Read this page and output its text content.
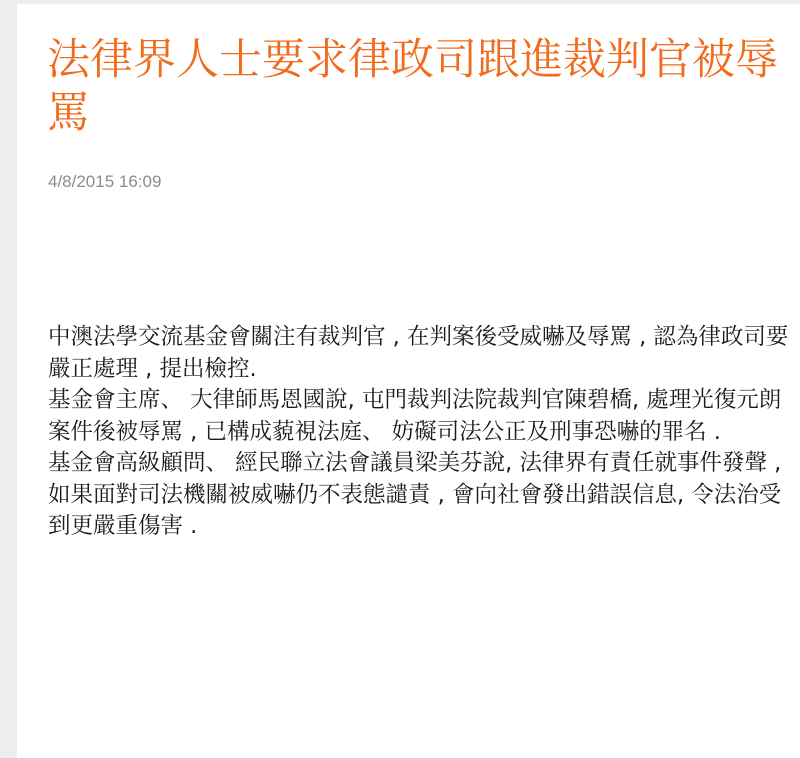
法律界人士要求律政司跟進裁判官被辱罵
4/8/2015 16:09

中澳法學交流基金會關注有裁判官 , 在判案後受威嚇及辱罵 , 認為律政司要嚴正處理 , 提出檢控.

基金會主席、 大律師馬恩國說, 屯門裁判法院裁判官陳碧橋, 處理光復元朗案件後被辱罵 , 已構成藐視法庭、 妨礙司法公正及刑事恐嚇的罪名 .

基金會高級顧問、 經民聯立法會議員梁美芬說, 法律界有責任就事件發聲 , 如果面對司法機關被威嚇仍不表態譴責 , 會向社會發出錯誤信息, 令法治受到更嚴重傷害 .
